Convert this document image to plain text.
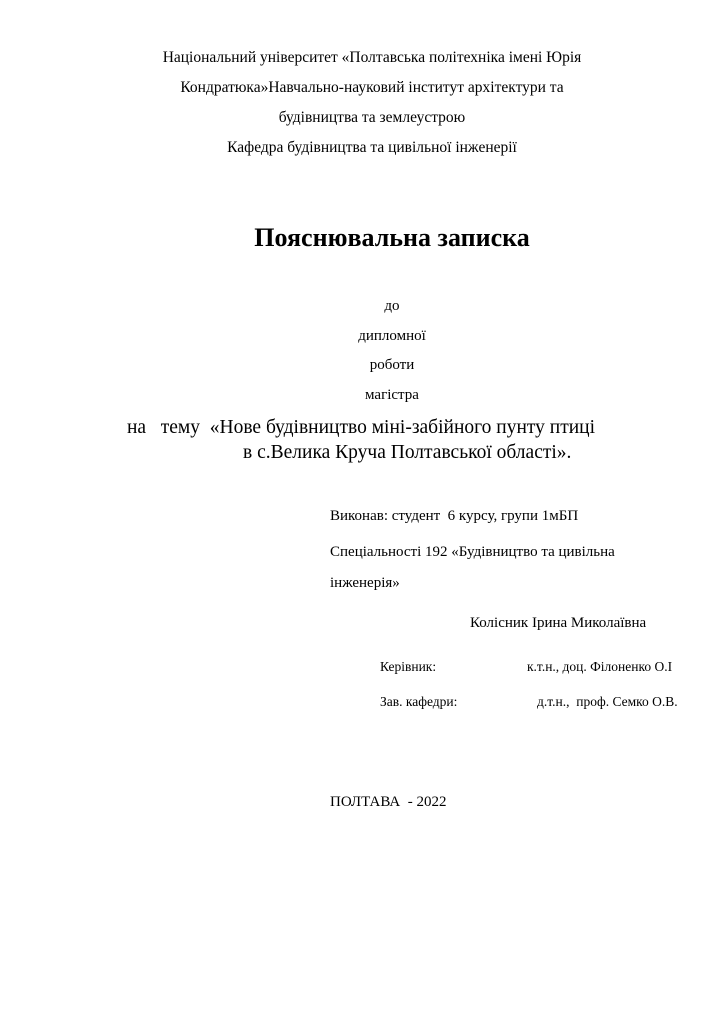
Національний університет «Полтавська політехніка імені Юрія
Кондратюка»Навчально-науковий інститут архітектури та
будівництва та землеустрою
Кафедра будівництва та цивільної інженерії
Пояснювальна записка
до
дипломної
роботи
магістра
на   тему  «Нове будівництво міні-забійного пунту птиці
в с.Велика Круча Полтавської області».
Виконав: студент  6 курсу, групи 1мБП
Спеціальності 192 «Будівництво та цивільна
інженерія»
Колісник Ірина Миколаївна
Керівник:	к.т.н., доц. Філоненко О.І
Зав. кафедри:	д.т.н.,  проф. Семко О.В.
ПОЛТАВА  - 2022
